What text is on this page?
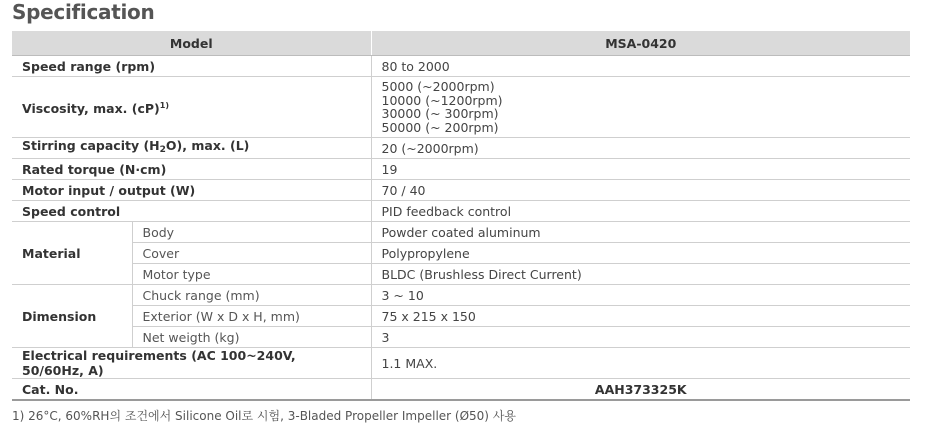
Specification
Model		MSA-0420
Speed range (rpm)		80 to 2000
Viscosity, max. (cP)$^{1)}$		5000 (~2000rpm)
10000 (~1200rpm)
30000 (~ 300rpm)
50000 (~ 200rpm)

Stirring capacity (H2O), max. (L)		20 (~2000rpm)
Rated torque (N·cm)		19
Motor input / output (W)		70 / 40
Speed control		PID feedback control
Material	Body	Powder coated aluminum
	Cover	Polypropylene
	Motor type	BLDC (Brushless Direct Current)
Dimension	Chuck range (mm)	3 ~ 10
	Exterior (W x D x H, mm)	75 x 215 x 150
	Net weigth (kg)	3
Electrical requirements (AC 100~240V, 50/60Hz, A)		1.1 MAX.
Cat. No.		AAH373325K
1) 26°C, 60%RH의 조건에서 Silicone Oil로 시험, 3-Bladed Propeller Impeller (Ø50) 사용
